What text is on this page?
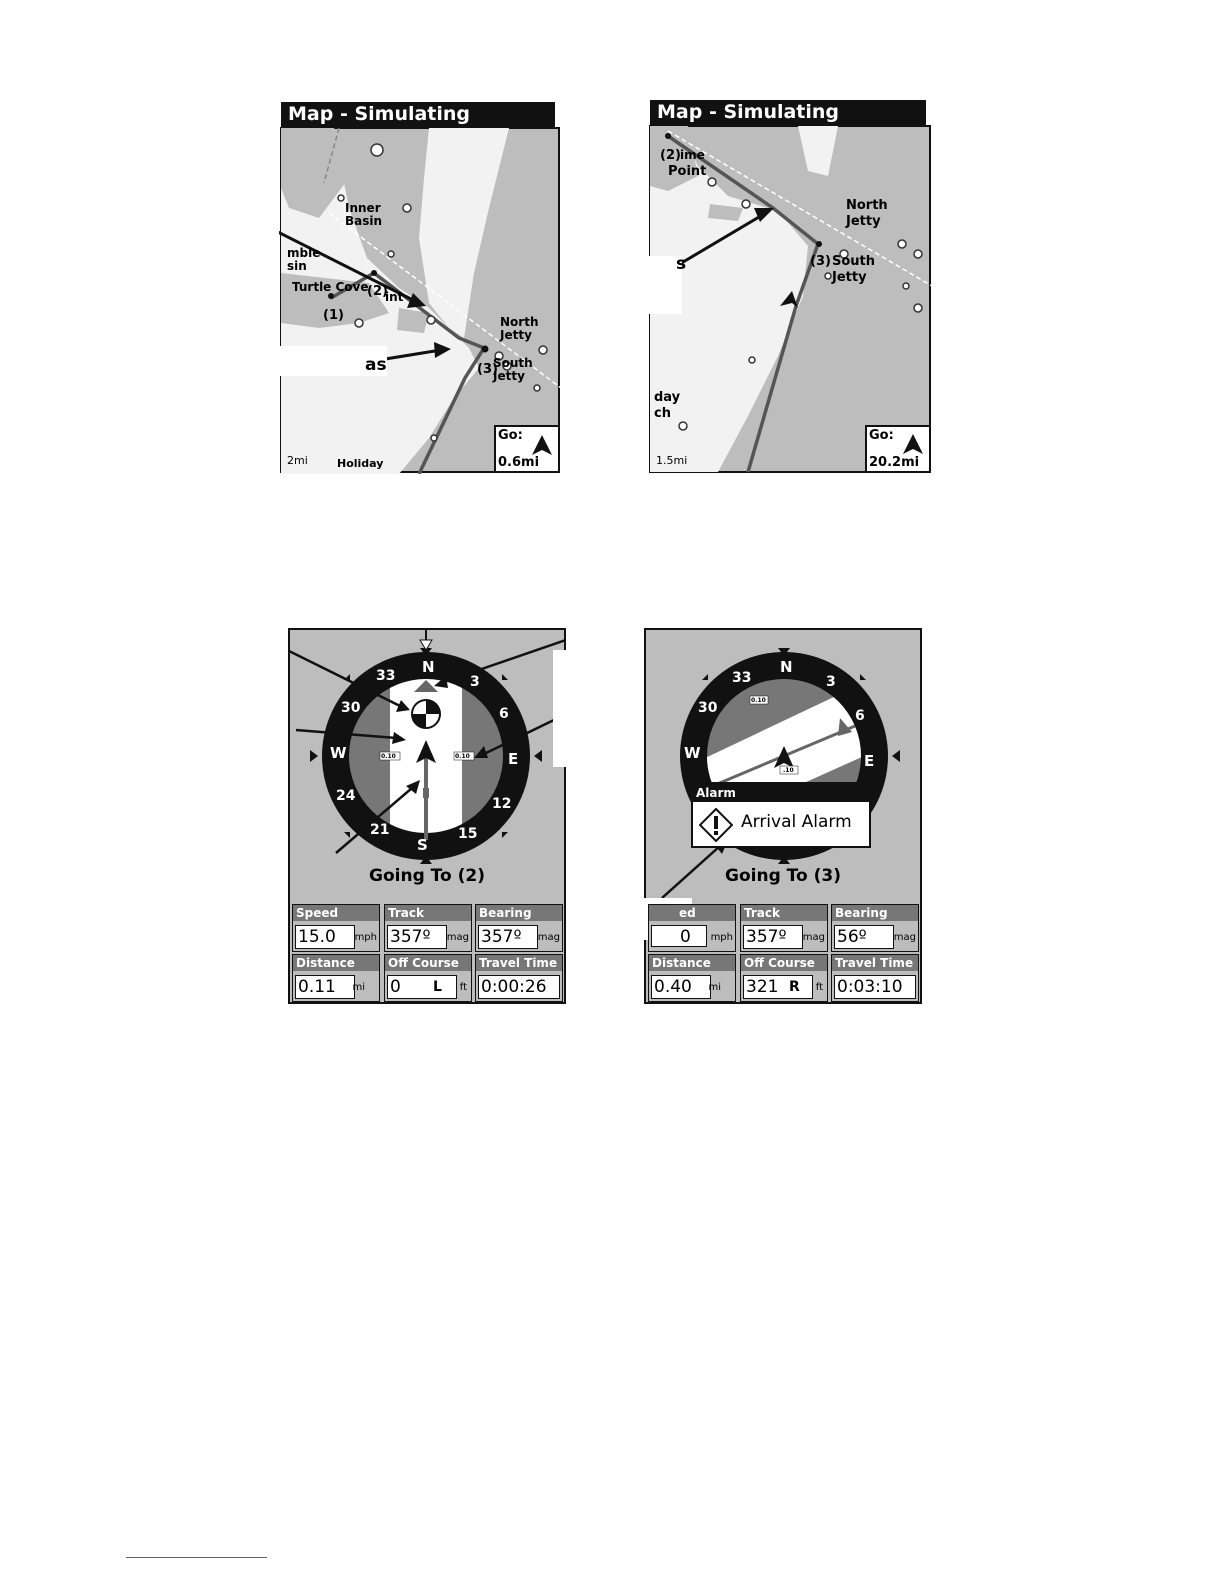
Map - Simulating
Inner
Basin
mble
sin
Turtle Cove
(2)
int
(1)	North
Jetty
(3)
South
Jetty
2mi	Holiday
Go:
0.6mi
as
Map - Simulating
(2) ime
Point
North
Jetty
(3) South
Jetty
day
ch
1.5mi
Go:
20.2mi
s
N
3
6
E
12
15
S
21
24
W
30
33
0.10	0.10
Going To (2)
Speed
15.0	mph
Track
357º	mag
Bearing
357º	mag
Distance
0.11	mi
Off Course
0	L ft
Travel Time
0:00:26
N
3
6
E
W
30
33
0.10
.10
Alarm
Arrival Alarm
Going To (3)
ed
0	mph
Track
357º	mag
Bearing
56º	mag
Distance
0.40	mi
Off Course
321 R ft
Travel Time
0:03:10
